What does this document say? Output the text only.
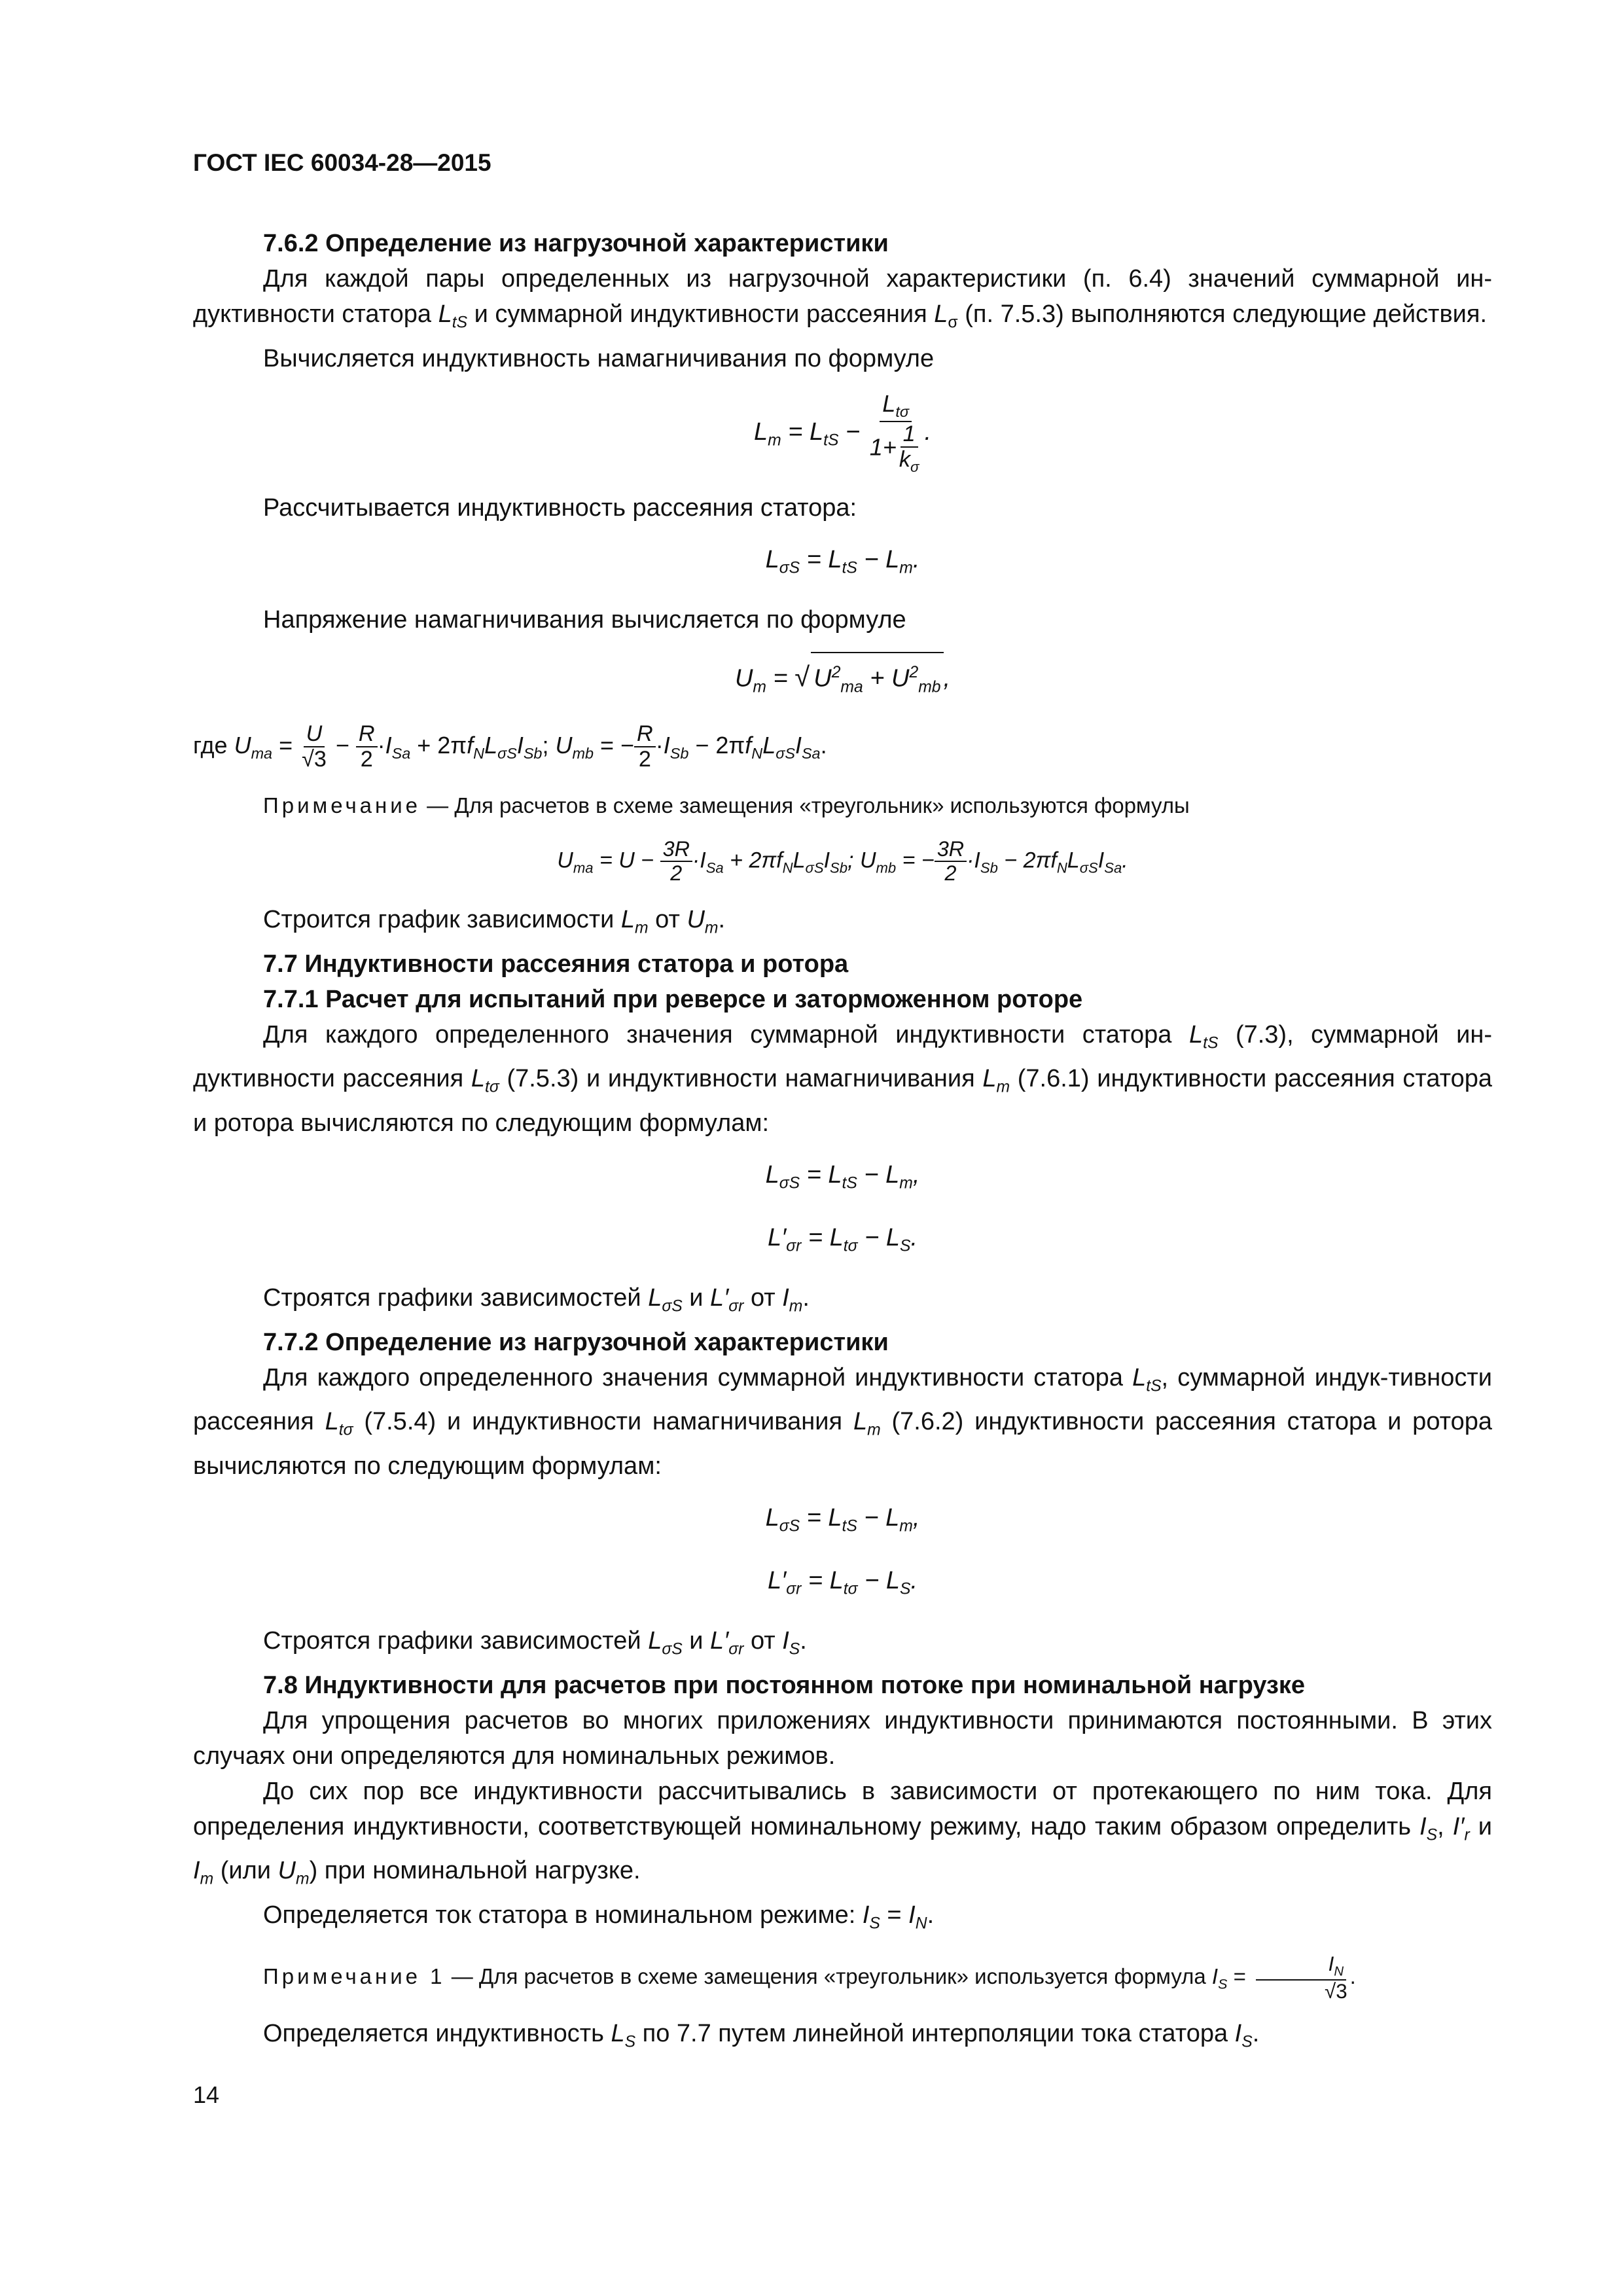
ГОСТ IEC 60034-28—2015

7.6.2 Определение из нагрузочной характеристики

Для каждой пары определенных из нагрузочной характеристики (п. 6.4) значений суммарной ин-дуктивности статора $L_{tS}$ и суммарной индуктивности рассеяния $L_\sigma$ (п. 7.5.3) выполняются следующие действия.

Вычисляется индуктивность намагничивания по формуле

$L_m = L_{tS} - \frac{L_{t\sigma}}{1+ \frac{1}{k_\sigma}}$ .

Рассчитывается индуктивность рассеяния статора:

$L_{\sigma S} = L_{tS} - L_m$.

Напряжение намагничивания вычисляется по формуле

$U_m$ = √ $U^2_{ma} + U^2_{mb}$ ,

где $U_{ma} = \frac{U}{√3} - \frac{R}{2} \cdot I_{Sa} + 2\pi f_NL_{\sigma S}I_{Sb}$; $U_{mb}$ = − $\frac{R}{2} \cdot I_{Sb} - 2\pi f_NL_{\sigma S}I_{Sa}$.

Примечание — Для расчетов в схеме замещения «треугольник» используются формулы

$U_{ma} = U - \frac{3R}{2} \cdot I_{Sa} + 2\pi f_NL_{\sigma S}I_{Sb}$; $U_{mb}$ = − $\frac{3R}{2} \cdot I_{Sb} - 2\pi f_NL_{\sigma S}I_{Sa}$.

Строится график зависимости $L_m$ от $U_m$.

7.7 Индуктивности рассеяния статора и ротора

7.7.1 Расчет для испытаний при реверсе и заторможенном роторе

Для каждого определенного значения суммарной индуктивности статора $L_{tS}$ (7.3), суммарной ин-дуктивности рассеяния $L_{t\sigma}$ (7.5.3) и индуктивности намагничивания $L_m$ (7.6.1) индуктивности рассеяния статора и ротора вычисляются по следующим формулам:

$L_{\sigma S} = L_{tS} - L_m$,
$L'_{\sigma r} = L_{t\sigma} - L_S$.

Строятся графики зависимостей $L_{\sigma S}$ и $L'_{\sigma r}$ от $I_m$.

7.7.2 Определение из нагрузочной характеристики

Для каждого определенного значения суммарной индуктивности статора $L_{tS}$, суммарной индук-тивности рассеяния $L_{t\sigma}$ (7.5.4) и индуктивности намагничивания $L_m$ (7.6.2) индуктивности рассеяния статора и ротора вычисляются по следующим формулам:

$L_{\sigma S} = L_{tS} - L_m$,
$L'_{\sigma r} = L_{t\sigma} - L_S$.

Строятся графики зависимостей $L_{\sigma S}$ и $L'_{\sigma r}$ от $I_S$.

7.8 Индуктивности для расчетов при постоянном потоке при номинальной нагрузке

Для упрощения расчетов во многих приложениях индуктивности принимаются постоянными. В этих случаях они определяются для номинальных режимов.

До сих пор все индуктивности рассчитывались в зависимости от протекающего по ним тока. Для определения индуктивности, соответствующей номинальному режиму, надо таким образом определить $I_S$, $I'_r$ и $I_m$ (или $U_m$) при номинальной нагрузке.

Определяется ток статора в номинальном режиме: $I_S = I_N$.

Примечание 1 — Для расчетов в схеме замещения «треугольник» используется формула $I_S = \frac{I_N}{√3}$ .

Определяется индуктивность $L_S$ по 7.7 путем линейной интерполяции тока статора $I_S$.

14
